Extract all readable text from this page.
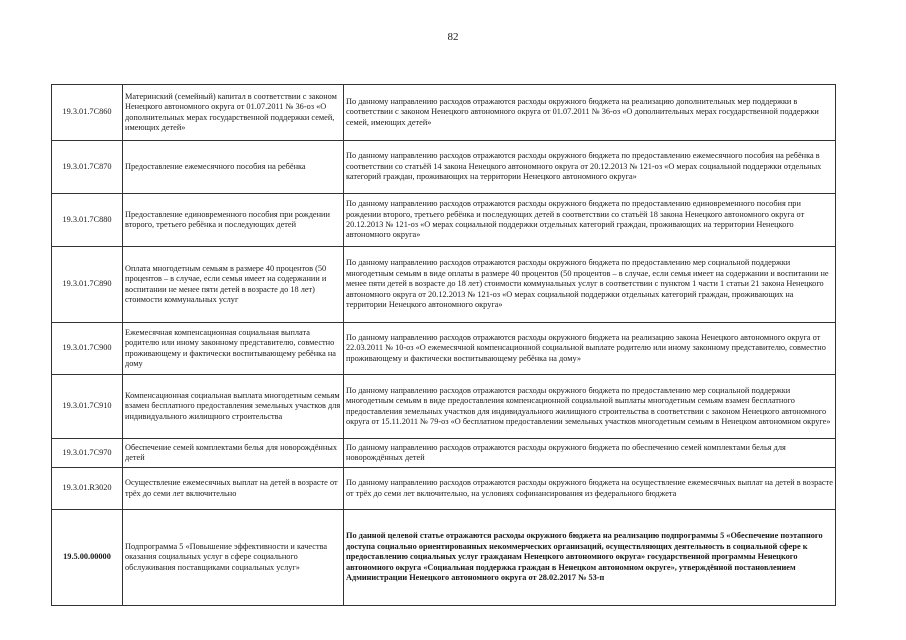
82
19.3.01.7С860	Материнский (семейный) капитал в соответствии с законом Ненецкого автономного округа от 01.07.2011 № 36-оз «О дополнительных мерах государственной поддержки семей, имеющих детей»	По данному направлению расходов отражаются расходы окружного бюджета на реализацию дополнительных мер поддержки в соответствии с законом Ненецкого автономного округа от 01.07.2011 № 36-оз «О дополнительных мерах государственной поддержки семей, имеющих детей»
19.3.01.7С870	Предоставление ежемесячного пособия на ребёнка	По данному направлению расходов отражаются расходы окружного бюджета по предоставлению ежемесячного пособия на ребёнка в соответствии со статьёй 14 закона Ненецкого автономного округа от 20.12.2013 № 121-оз «О мерах социальной поддержки отдельных категорий граждан, проживающих на территории Ненецкого автономного округа»
19.3.01.7С880	Предоставление единовременного пособия при рождении второго, третьего ребёнка и последующих детей	По данному направлению расходов отражаются расходы окружного бюджета по предоставлению единовременного пособия при рождении второго, третьего ребёнка и последующих детей в соответствии со статьёй 18 закона Ненецкого автономного округа от 20.12.2013 № 121-оз «О мерах социальной поддержки отдельных категорий граждан, проживающих на территории Ненецкого автономного округа»
19.3.01.7С890	Оплата многодетным семьям в размере 40 процентов (50 процентов – в случае, если семья имеет на содержании и воспитании не менее пяти детей в возрасте до 18 лет) стоимости коммунальных услуг	По данному направлению расходов отражаются расходы окружного бюджета по предоставлению мер социальной поддержки многодетным семьям в виде оплаты в размере 40 процентов (50 процентов – в случае, если семья имеет на содержании и воспитании не менее пяти детей в возрасте до 18 лет) стоимости коммунальных услуг в соответствии с пунктом 1 части 1 статьи 21 закона Ненецкого автономного округа от 20.12.2013 № 121-оз «О мерах социальной поддержки отдельных категорий граждан, проживающих на территории Ненецкого автономного округа»
19.3.01.7С900	Ежемесячная компенсационная социальная выплата родителю или иному законному представителю, совместно проживающему и фактически воспитывающему ребёнка на дому	По данному направлению расходов отражаются расходы окружного бюджета на реализацию закона Ненецкого автономного округа от 22.03.2011 № 10-оз «О ежемесячной компенсационной социальной выплате родителю или иному законному представителю, совместно проживающему и фактически воспитывающему ребёнка на дому»
19.3.01.7С910	Компенсационная социальная выплата многодетным семьям взамен бесплатного предоставления земельных участков для индивидуального жилищного строительства	По данному направлению расходов отражаются расходы окружного бюджета по предоставлению мер социальной поддержки многодетным семьям в виде предоставления компенсационной социальной выплаты многодетным семьям взамен бесплатного предоставления земельных участков для индивидуального жилищного строительства в соответствии с законом Ненецкого автономного округа от 15.11.2011 № 79-оз «О бесплатном предоставлении земельных участков многодетным семьям в Ненецком автономном округе»
19.3.01.7С970	Обеспечение семей комплектами белья для новорождённых детей	По данному направлению расходов отражаются расходы окружного бюджета по обеспечению семей комплектами белья для новорождённых детей
19.3.01.R3020	Осуществление ежемесячных выплат на детей в возрасте от трёх до семи лет включительно	По данному направлению расходов отражаются расходы окружного бюджета на осуществление ежемесячных выплат на детей в возрасте от трёх до семи лет включительно, на условиях софинансирования из федерального бюджета
19.5.00.00000	Подпрограмма 5 «Повышение эффективности и качества оказания социальных услуг в сфере социального обслуживания поставщиками социальных услуг»	По данной целевой статье отражаются расходы окружного бюджета на реализацию подпрограммы 5 «Обеспечение поэтапного доступа социально ориентированных некоммерческих организаций, осуществляющих деятельность в социальной сфере к предоставлению социальных услуг гражданам Ненецкого автономного округа» государственной программы Ненецкого автономного округа «Социальная поддержка граждан в Ненецком автономном округе», утверждённой постановлением Администрации Ненецкого автономного округа от 28.02.2017 № 53-п
